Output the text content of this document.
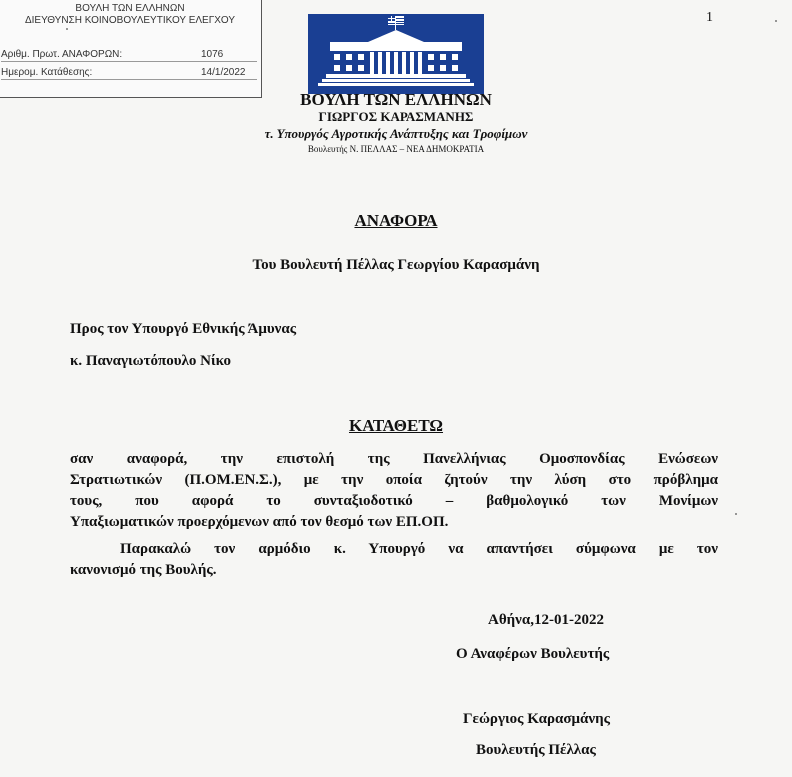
ΒΟΥΛΗ ΤΩΝ ΕΛΛΗΝΩΝ
ΔΙΕΥΘΥΝΣΗ ΚΟΙΝΟΒΟΥΛΕΥΤΙΚΟΥ ΕΛΕΓΧΟΥ
Αριθμ. Πρωτ. ΑΝΑΦΟΡΩΝ:	1076
Ημερομ. Κατάθεσης:	14/1/2022
1
ΒΟΥΛΗ ΤΩΝ ΕΛΛΗΝΩΝ
ΓΙΩΡΓΟΣ ΚΑΡΑΣΜΑΝΗΣ
τ. Υπουργός Αγροτικής Ανάπτυξης και Τροφίμων
Βουλευτής Ν. ΠΕΛΛΑΣ – ΝΕΑ ΔΗΜΟΚΡΑΤΙΑ
ΑΝΑΦΟΡΑ
Του Βουλευτή Πέλλας Γεωργίου Καρασμάνη
Προς τον Υπουργό Εθνικής Άμυνας
κ. Παναγιωτόπουλο Νίκο
ΚΑΤΑΘΕΤΩ
σαν αναφορά, την επιστολή της Πανελλήνιας Ομοσπονδίας Ενώσεων
Στρατιωτικών (Π.ΟΜ.ΕΝ.Σ.), με την οποία ζητούν την λύση στο πρόβλημα
τους, που αφορά το συνταξιοδοτικό – βαθμολογικό των Μονίμων
Υπαξιωματικών προερχόμενων από τον θεσμό των ΕΠ.ΟΠ.
Παρακαλώ τον αρμόδιο κ. Υπουργό να απαντήσει σύμφωνα με τον
κανονισμό της Βουλής.
Αθήνα,12-01-2022
Ο Αναφέρων Βουλευτής
Γεώργιος Καρασμάνης
Βουλευτής Πέλλας
